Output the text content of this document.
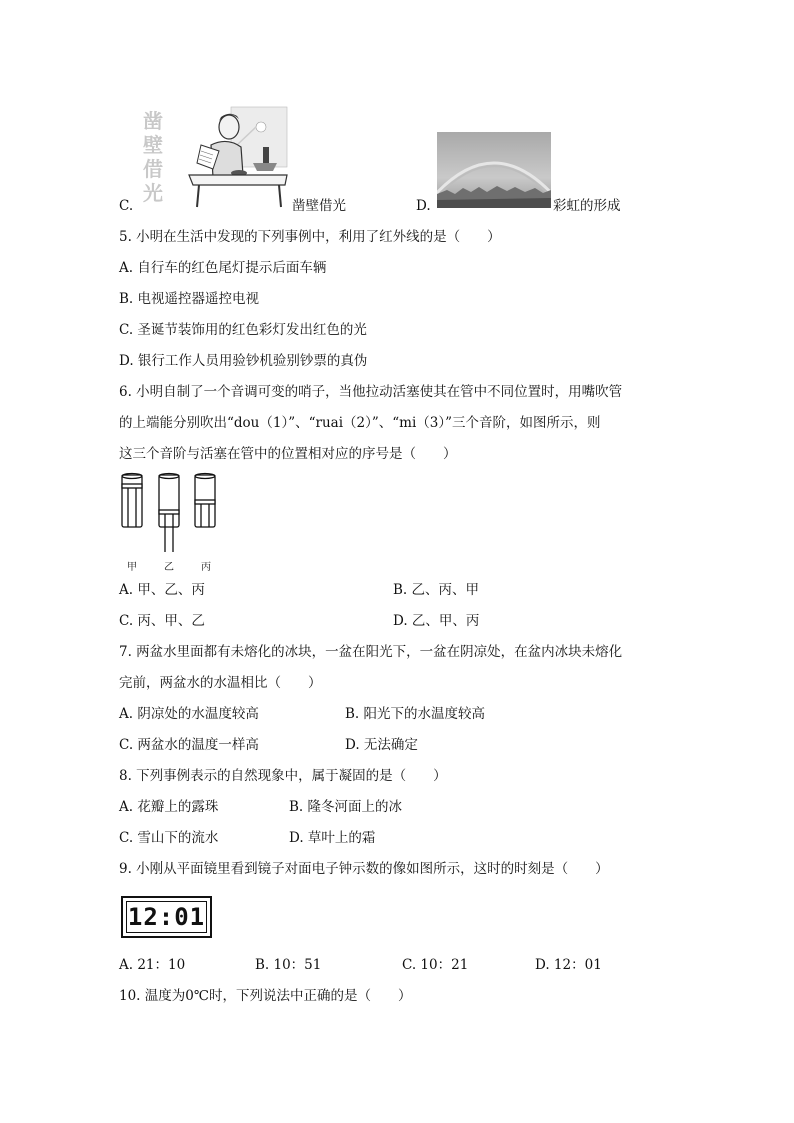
C.
凿
壁
借
光
凿壁借光	D.	彩虹的形成
5. 小明在生活中发现的下列事例中，利用了红外线的是（　　）
A. 自行车的红色尾灯提示后面车辆
B. 电视遥控器遥控电视
C. 圣诞节装饰用的红色彩灯发出红色的光
D. 银行工作人员用验钞机验别钞票的真伪
6. 小明自制了一个音调可变的哨子，当他拉动活塞使其在管中不同位置时，用嘴吹管
的上端能分别吹出“dou（1）”、“ruai（2）”、“mi（3）”三个音阶，如图所示，则
这三个音阶与活塞在管中的位置相对应的序号是（　　）
甲	乙	丙
A. 甲、乙、丙	B. 乙、丙、甲
C. 丙、甲、乙	D. 乙、甲、丙
7. 两盆水里面都有未熔化的冰块，一盆在阳光下，一盆在阴凉处，在盆内冰块未熔化
完前，两盆水的水温相比（　　）
A. 阴凉处的水温度较高	B. 阳光下的水温度较高
C. 两盆水的温度一样高	D. 无法确定
8. 下列事例表示的自然现象中，属于凝固的是（　　）
A. 花瓣上的露珠	B. 隆冬河面上的冰
C. 雪山下的流水	D. 草叶上的霜
9. 小刚从平面镜里看到镜子对面电子钟示数的像如图所示，这时的时刻是（　　）
12:01
A. 21：10	B. 10：51	C. 10：21	D. 12：01
10. 温度为0℃时，下列说法中正确的是（　　）
